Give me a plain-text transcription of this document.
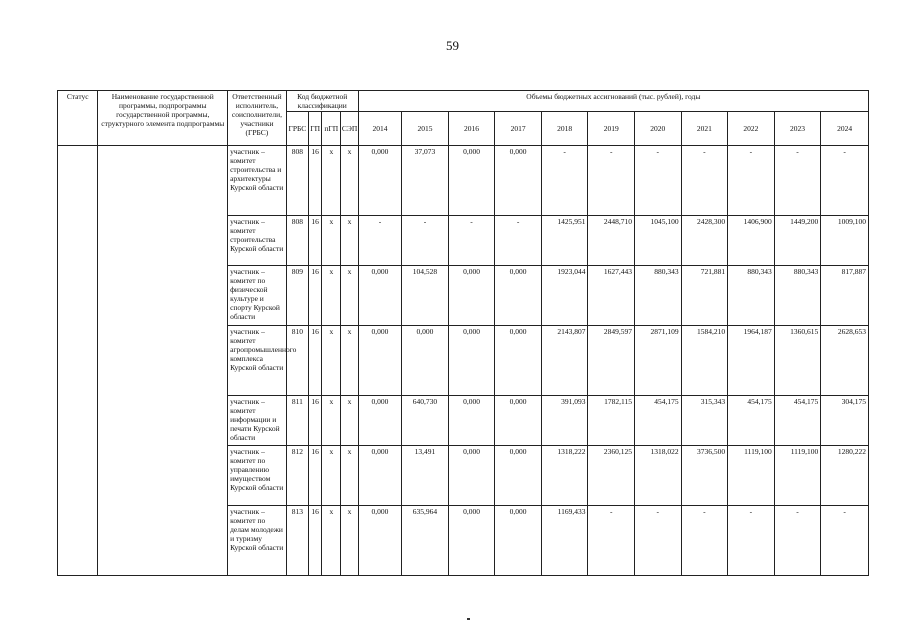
59
Статус	Наименование государственной программы, подпрограммы государственной программы, структурного элемента подпрограммы	Ответственный исполнитель, соисполнители, участники (ГРБС)	Код бюджетной классификации				Объемы бюджетных ассигнований (тыс. рублей), годы										
			ГРБС	ГП	пГП	СЭП	2014	2015	2016	2017	2018	2019	2020	2021	2022	2023	2024
		участник – комитет строительства и архитектуры Курской области	808	16	х	х	0,000	37,073	0,000	0,000	-	-	-	-	-	-	-
		участник – комитет строительства Курской области	808	16	х	х	-	-	-	-	1425,951	2448,710	1045,100	2428,300	1406,900	1449,200	1009,100
		участник – комитет по физической культуре и спорту Курской области	809	16	х	х	0,000	104,528	0,000	0,000	1923,044	1627,443	880,343	721,881	880,343	880,343	817,887
		участник – комитет агропромышленного комплекса Курской области	810	16	х	х	0,000	0,000	0,000	0,000	2143,807	2849,597	2871,109	1584,210	1964,187	1360,615	2628,653
		участник – комитет информации и печати Курской области	811	16	х	х	0,000	640,730	0,000	0,000	391,093	1782,115	454,175	315,343	454,175	454,175	304,175
		участник – комитет по управлению имуществом Курской области	812	16	х	х	0,000	13,491	0,000	0,000	1318,222	2360,125	1318,022	3736,500	1119,100	1119,100	1280,222
		участник – комитет по делам молодежи и туризму Курской области	813	16	х	х	0,000	635,964	0,000	0,000	1169,433	-	-	-	-	-	-
